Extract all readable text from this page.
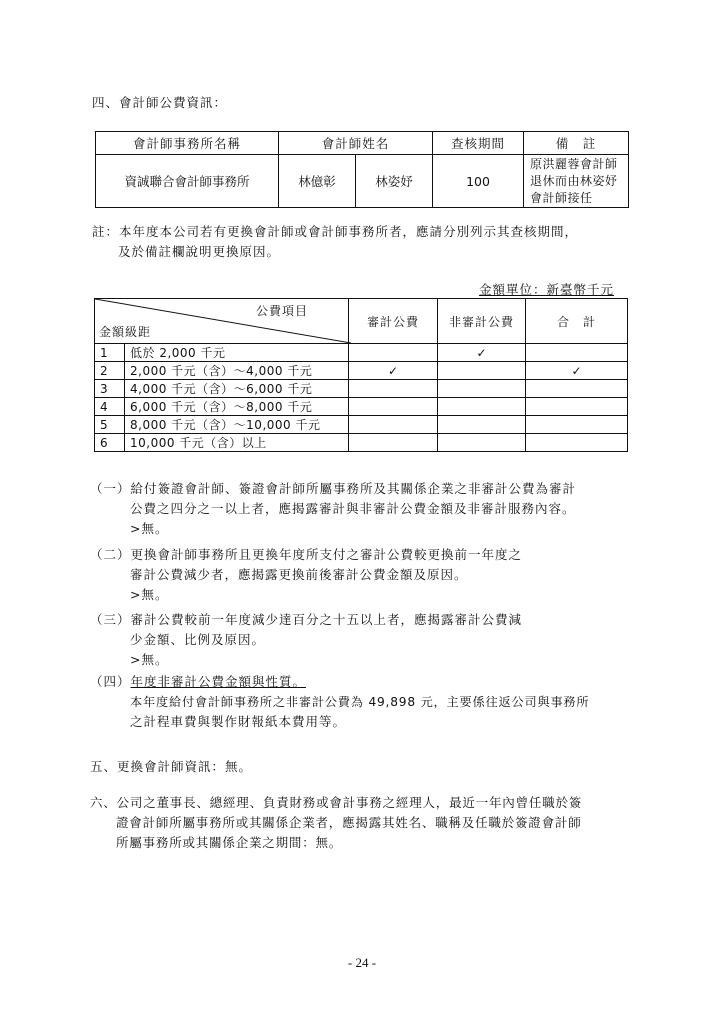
四、會計師公費資訊：
會計師事務所名稱	會計師姓名		查核期間	備　註
資誠聯合會計師事務所	林億彰	林姿妤	100	原洪麗蓉會計師
退休而由林姿妤
會計師接任
註：本年度本公司若有更換會計師或會計師事務所者，應請分別列示其查核期間，
及於備註欄說明更換原因。
金額單位：新臺幣千元
公費項目
金額級距		審計公費	非審計公費	合　計
1	低於 2,000 千元		✓	
2	2,000 千元（含）～4,000 千元	✓		✓
3	4,000 千元（含）～6,000 千元			
4	6,000 千元（含）～8,000 千元			
5	8,000 千元（含）～10,000 千元			
6	10,000 千元（含）以上			
（一）給付簽證會計師、簽證會計師所屬事務所及其關係企業之非審計公費為審計
公費之四分之一以上者，應揭露審計與非審計公費金額及非審計服務內容。
>無。
（二）更換會計師事務所且更換年度所支付之審計公費較更換前一年度之
審計公費減少者，應揭露更換前後審計公費金額及原因。
>無。
（三）審計公費較前一年度減少達百分之十五以上者，應揭露審計公費減
少金額、比例及原因。
>無。
（四）年度非審計公費金額與性質。
本年度給付會計師事務所之非審計公費為 49,898 元，主要係往返公司與事務所
之計程車費與製作財報紙本費用等。
五、更換會計師資訊：無。
六、公司之董事長、總經理、負責財務或會計事務之經理人，最近一年內曾任職於簽
證會計師所屬事務所或其關係企業者，應揭露其姓名、職稱及任職於簽證會計師
所屬事務所或其關係企業之期間：無。
- 24 -
